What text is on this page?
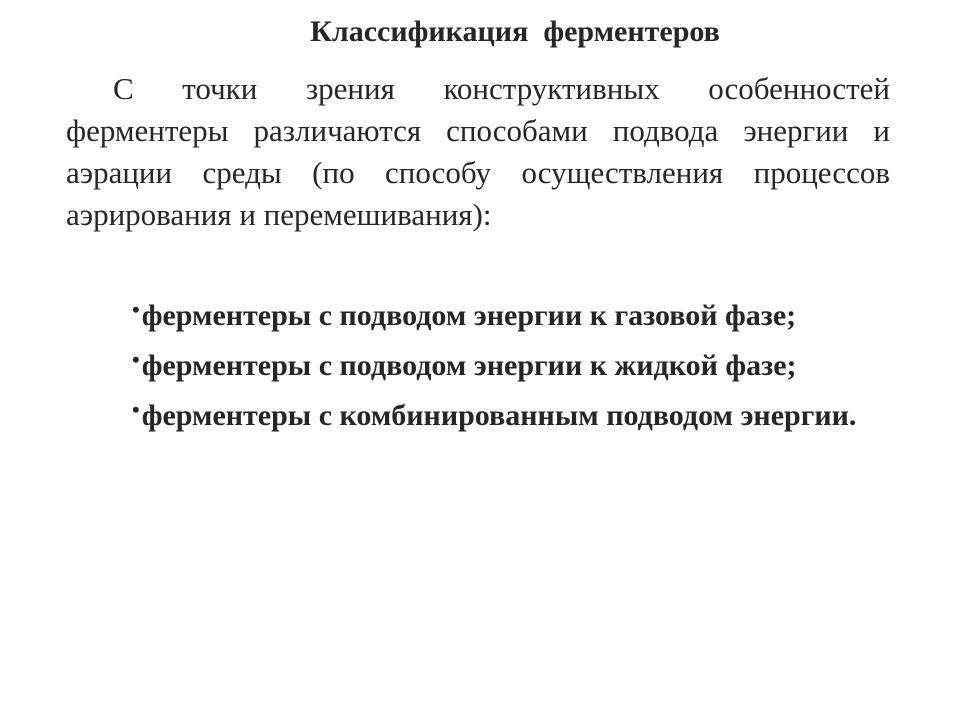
Классификация  ферментеров

С точки зрения конструктивных особенностей ферментеры различаются способами подвода энергии и аэрации среды (по способу осуществления процессов аэрирования и перемешивания):

•ферментеры с подводом энергии к газовой фазе;
•ферментеры с подводом энергии к жидкой фазе;
•ферментеры с комбинированным подводом энергии.
